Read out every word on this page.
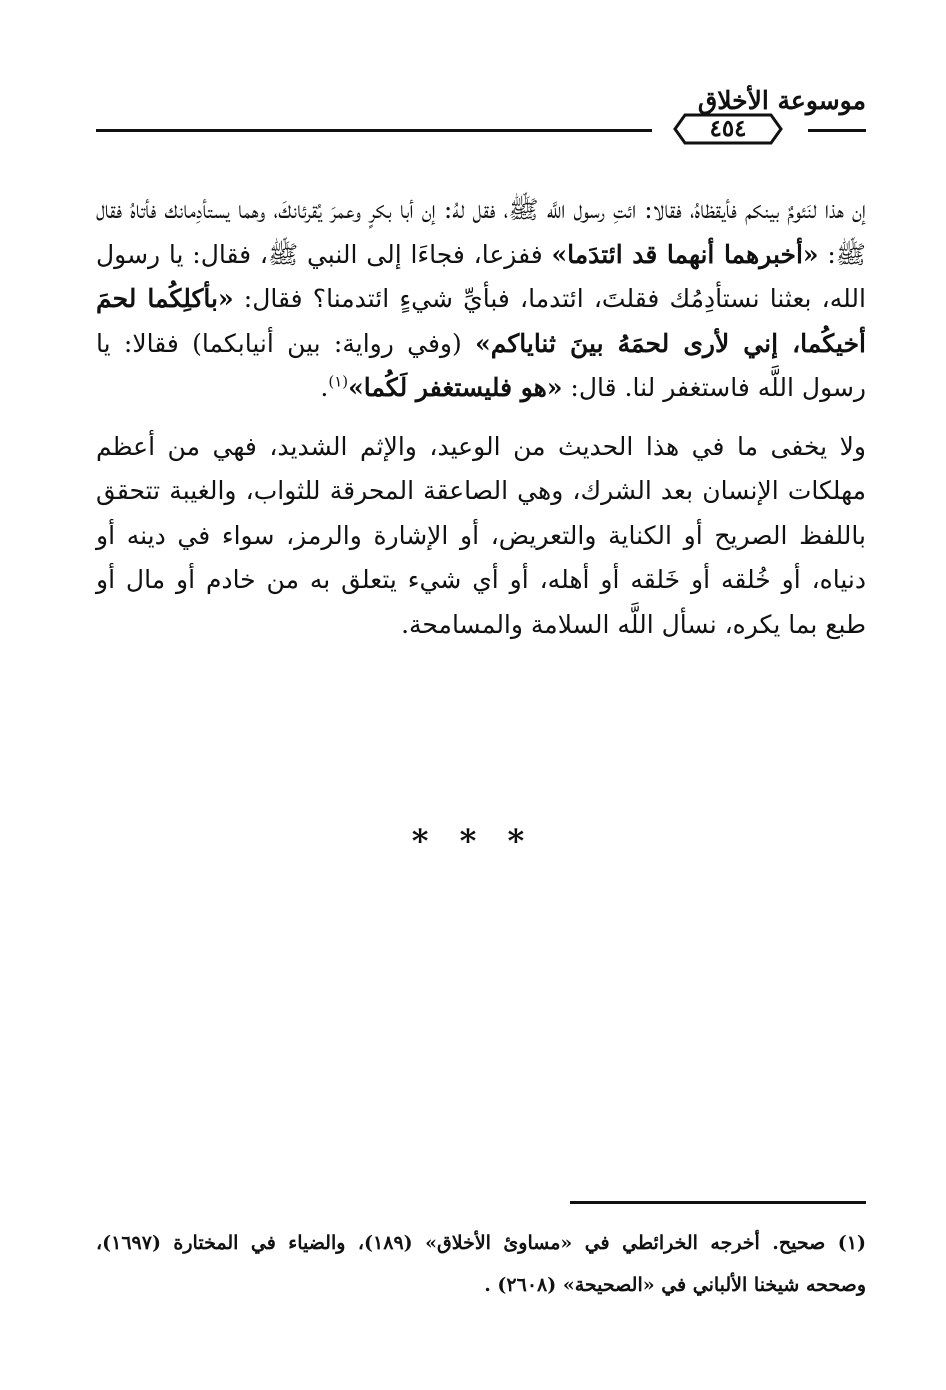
موسوعة الأخلاق
٤٥٤

إن هذا لنَئومٌ بينكم فأيقظاهُ، فقالا: ائتِ رسول اللَّه ﷺ، فقل لهُ: إن أبا بكرٍ وعمرَ يُقرئانكَ، وهما يستأدِمانك فأتاهُ فقال ﷺ: «أخبرهما أنهما قد ائتدَما» ففزعا، فجاءَا إلى النبي ﷺ، فقال: يا رسول الله، بعثنا نستأدِمُك فقلتَ، ائتدما، فبأيِّ شيءٍ ائتدمنا؟ فقال: «بأكلِكُما لحمَ أخيكُما، إني لأرى لحمَهُ بينَ ثناياكم» (وفي رواية: بين أنيابكما) فقالا: يا رسول اللَّه فاستغفر لنا. قال: «هو فليستغفر لَكُما»$^{(١)}$.

ولا يخفى ما في هذا الحديث من الوعيد، والإثم الشديد، فهي من أعظم مهلكات الإنسان بعد الشرك، وهي الصاعقة المحرقة للثواب، والغيبة تتحقق باللفظ الصريح أو الكناية والتعريض، أو الإشارة والرمز، سواء في دينه أو دنياه، أو خُلقه أو خَلقه أو أهله، أو أي شيء يتعلق به من خادم أو مال أو طبع بما يكره، نسأل اللَّه السلامة والمسامحة.

* * *

(١) صحيح. أخرجه الخرائطي في «مساوئ الأخلاق» (١٨٩)، والضياء في المختارة (١٦٩٧)، وصححه شيخنا الألباني في «الصحيحة» (٢٦٠٨) .
